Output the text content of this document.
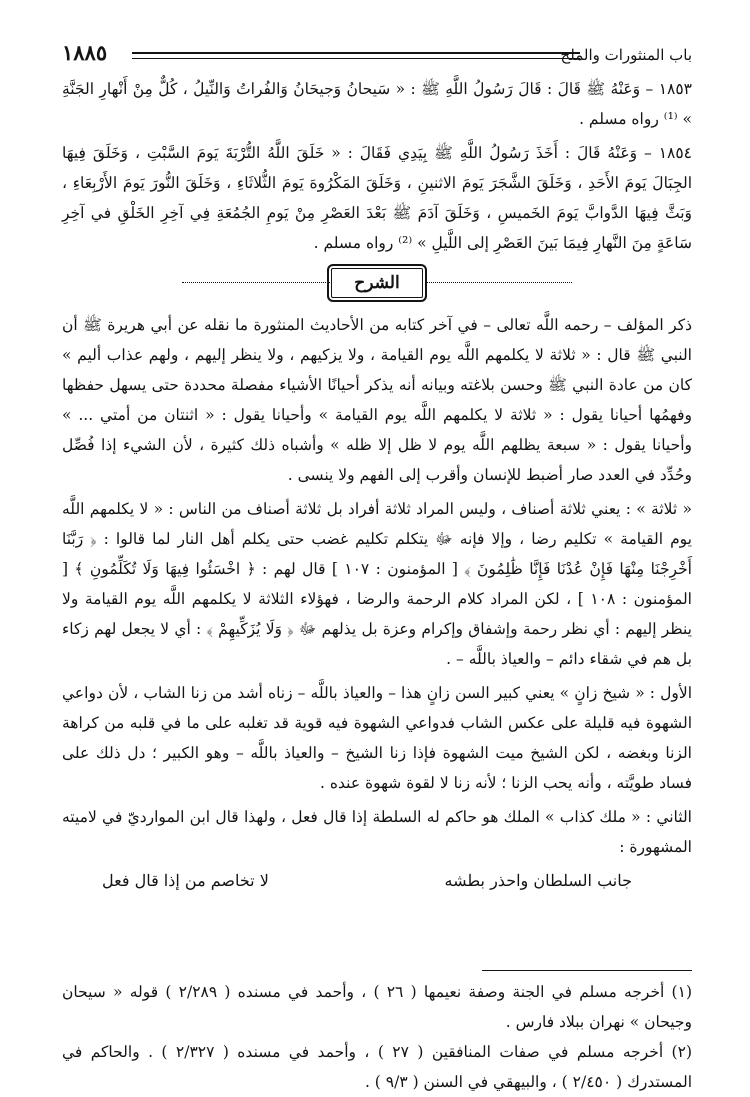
باب المنثورات والملح
١٨٨٥

١٨٥٣ – وَعَنْهُ ﷺ قَالَ : قَالَ رَسُولُ اللَّهِ ﷺ : « سَيحانُ وَجيحَانُ وَالفُراتُ وَالنِّيلُ ، كُلٌّ مِنْ أَنْهارِ الجَنَّةِ » ⁽¹⁾ رواه مسلم .

١٨٥٤ – وَعَنْهُ قَالَ : أَخَذَ رَسُولُ اللَّهِ ﷺ بِيَدِي فَقَالَ : « خَلَقَ اللَّهُ التُّرْبَةَ يَومَ السَّبْتِ ، وَخَلَقَ فِيهَا الجِبَالَ يَومَ الأَحَدِ ، وَخَلَقَ الشَّجَرَ يَومَ الاثنينِ ، وَخَلَقَ المَكْرُوهَ يَومَ الثُّلاثَاءِ ، وَخَلَقَ النُّورَ يَومَ الأَرْبِعَاءِ ، وَبَثَّ فِيهَا الدَّوابَّ يَومَ الخَميسِ ، وَخَلَقَ آدَمَ ﷺ بَعْدَ العَصْرِ مِنْ يَومِ الجُمُعَةِ فِي آخِرِ الخَلْقِ في آخِرِ سَاعَةٍ مِنَ النَّهارِ فِيمَا بَينَ العَصْرِ إلى اللَّيلِ » ⁽²⁾ رواه مسلم .

الشرح

ذكر المؤلف – رحمه اللَّه تعالى – في آخر كتابه من الأحاديث المنثورة ما نقله عن أبي هريرة ﷺ أن النبي ﷺ قال : « ثلاثة لا يكلمهم اللَّه يوم القيامة ، ولا يزكيهم ، ولا ينظر إليهم ، ولهم عذاب أليم » كان من عادة النبي ﷺ وحسن بلاغته وبيانه أنه يذكر أحيانًا الأشياء مفصلة محددة حتى يسهل حفظها وفهمُها أحيانا يقول : « ثلاثة لا يكلمهم اللَّه يوم القيامة » وأحيانا يقول : « اثنتان من أمتي ... » وأحيانا يقول : « سبعة يظلهم اللَّه يوم لا ظل إلا ظله » وأشباه ذلك كثيرة ، لأن الشيء إذا فُصِّل وحُدِّد في العدد صار أضبط للإنسان وأقرب إلى الفهم ولا ينسى .

« ثلاثة » : يعني ثلاثة أصناف ، وليس المراد ثلاثة أفراد بل ثلاثة أصناف من الناس : « لا يكلمهم اللَّه يوم القيامة » تكليم رضا ، وإلا فإنه ﷻ يتكلم تكليم غضب حتى يكلم أهل النار لما قالوا : ﴿ رَبَّنَا أَخْرِجْنَا مِنْهَا فَإِنْ عُدْنَا فَإِنَّا ظَٰلِمُونَ ﴾ [ المؤمنون : ١٠٧ ] قال لهم : ﴿ اخْسَئُوا فِيهَا وَلَا تُكَلِّمُونِ ﴾ [ المؤمنون : ١٠٨ ] ، لكن المراد كلام الرحمة والرضا ، فهؤلاء الثلاثة لا يكلمهم اللَّه يوم القيامة ولا ينظر إليهم : أي نظر رحمة وإشفاق وإكرام وعزة بل يذلهم ﷻ ﴿ وَلَا يُزَكِّيهِمْ ﴾ : أي لا يجعل لهم زكاء بل هم في شقاء دائم – والعياذ باللَّه – .

الأول : « شيخ زانٍ » يعني كبير السن زانٍ هذا – والعياذ باللَّه – زناه أشد من زنا الشاب ، لأن دواعي الشهوة فيه قليلة على عكس الشاب فدواعي الشهوة فيه قوية قد تغلبه على ما في قلبه من كراهة الزنا وبغضه ، لكن الشيخ ميت الشهوة فإذا زنا الشيخ – والعياذ باللَّه – وهو الكبير ؛ دل ذلك على فساد طويَّته ، وأنه يحب الزنا ؛ لأنه زنا لا لقوة شهوة عنده .

الثاني : « ملك كذاب » الملك هو حاكم له السلطة إذا قال فعل ، ولهذا قال ابن الموارديّ في لاميته المشهورة :

جانب السلطان واحذر بطشه
لا تخاصم من إذا قال فعل

(١) أخرجه مسلم في الجنة وصفة نعيمها ( ٢٦ ) ، وأحمد في مسنده ( ٢/٢٨٩ ) قوله « سيحان وجيحان » نهران ببلاد فارس .

(٢) أخرجه مسلم في صفات المنافقين ( ٢٧ ) ، وأحمد في مسنده ( ٢/٣٢٧ ) . والحاكم في المستدرك ( ٢/٤٥٠ ) ، والبيهقي في السنن ( ٩/٣ ) .
